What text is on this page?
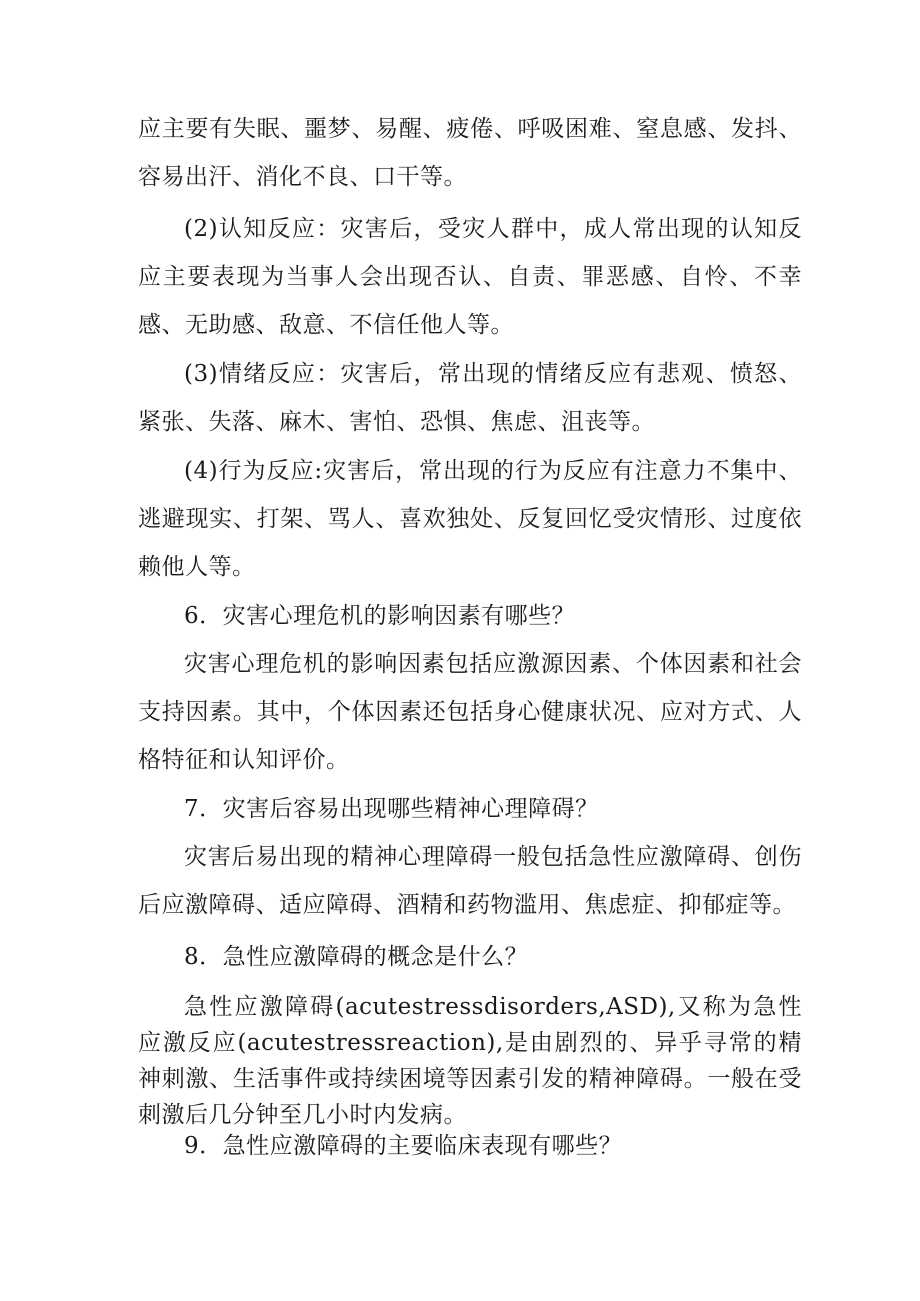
应主要有失眠、噩梦、易醒、疲倦、呼吸困难、窒息感、发抖、容易出汗、消化不良、口干等。

(2)认知反应：灾害后，受灾人群中，成人常出现的认知反应主要表现为当事人会出现否认、自责、罪恶感、自怜、不幸感、无助感、敌意、不信任他人等。

(3)情绪反应：灾害后，常出现的情绪反应有悲观、愤怒、紧张、失落、麻木、害怕、恐惧、焦虑、沮丧等。

(4)行为反应:灾害后，常出现的行为反应有注意力不集中、逃避现实、打架、骂人、喜欢独处、反复回忆受灾情形、过度依赖他人等。

6．灾害心理危机的影响因素有哪些？

灾害心理危机的影响因素包括应激源因素、个体因素和社会支持因素。其中，个体因素还包括身心健康状况、应对方式、人格特征和认知评价。

7．灾害后容易出现哪些精神心理障碍？

灾害后易出现的精神心理障碍一般包括急性应激障碍、创伤后应激障碍、适应障碍、酒精和药物滥用、焦虑症、抑郁症等。

8．急性应激障碍的概念是什么？

急性应激障碍(acutestressdisorders,ASD),又称为急性应激反应(acutestressreaction),是由剧烈的、异乎寻常的精神刺激、生活事件或持续困境等因素引发的精神障碍。一般在受刺激后几分钟至几小时内发病。

9．急性应激障碍的主要临床表现有哪些？
